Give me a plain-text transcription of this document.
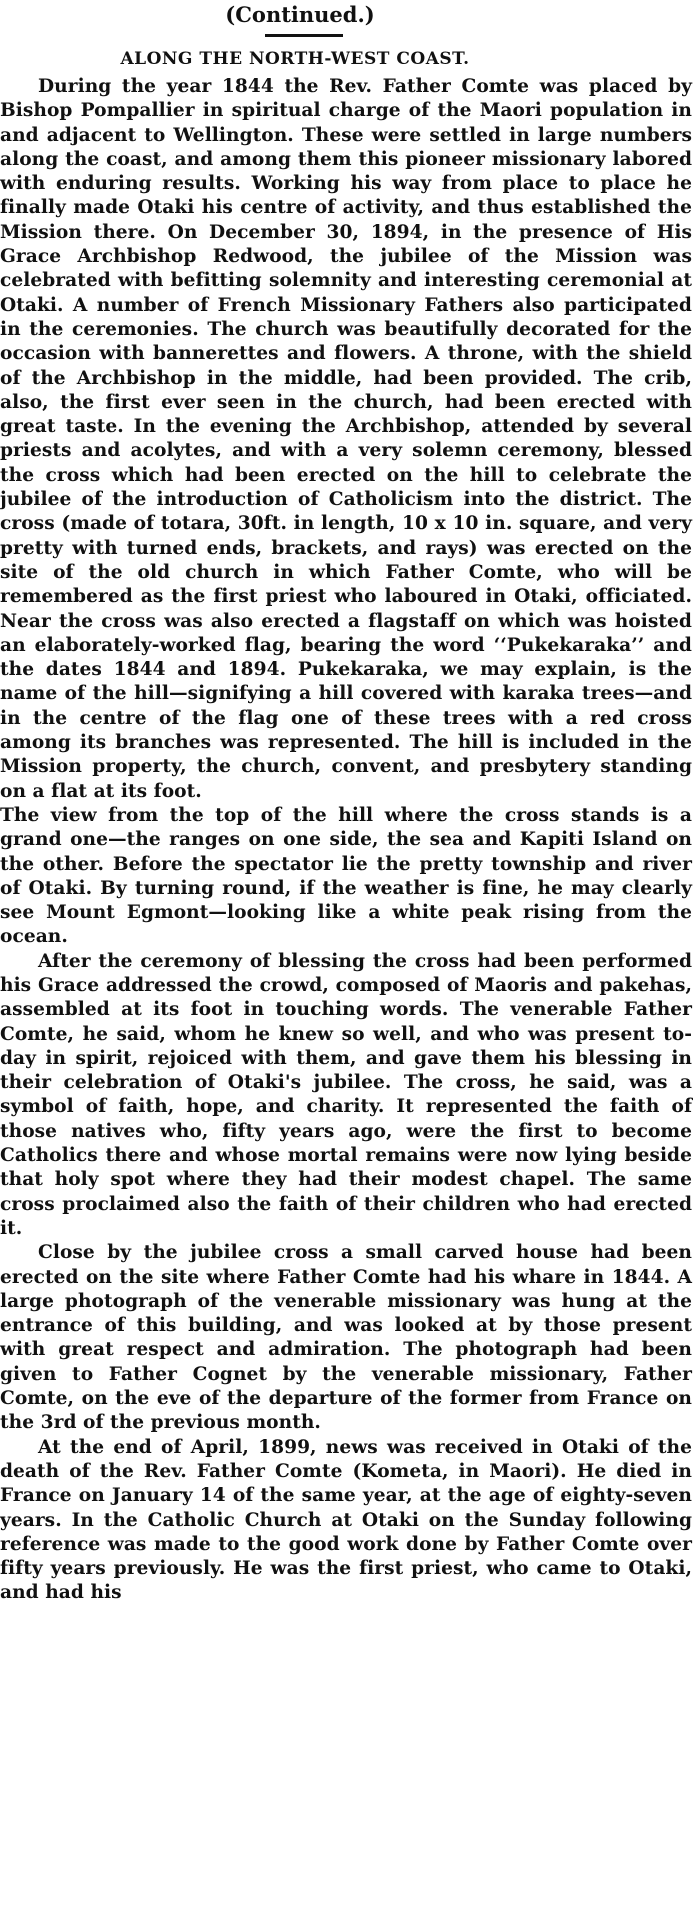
(Continued.)
ALONG THE NORTH-WEST COAST.

During the year 1844 the Rev. Father Comte was placed by Bishop Pompallier in spiritual charge of the Maori population in and adjacent to Wellington. These were settled in large numbers along the coast, and among them this pioneer missionary labored with enduring results. Working his way from place to place he finally made Otaki his centre of activity, and thus established the Mission there. On December 30, 1894, in the presence of His Grace Archbishop Redwood, the jubilee of the Mission was celebrated with befitting solemnity and interesting ceremonial at Otaki. A number of French Missionary Fathers also participated in the ceremonies. The church was beautifully decorated for the occasion with bannerettes and flowers. A throne, with the shield of the Archbishop in the middle, had been provided. The crib, also, the first ever seen in the church, had been erected with great taste. In the evening the Archbishop, attended by several priests and acolytes, and with a very solemn ceremony, blessed the cross which had been erected on the hill to celebrate the jubilee of the introduction of Catholicism into the district. The cross (made of totara, 30ft. in length, 10 x 10 in. square, and very pretty with turned ends, brackets, and rays) was erected on the site of the old church in which Father Comte, who will be remembered as the first priest who laboured in Otaki, officiated. Near the cross was also erected a flagstaff on which was hoisted an elaborately-worked flag, bearing the word ‘‘Pukekaraka’’ and the dates 1844 and 1894. Pukekaraka, we may explain, is the name of the hill—signifying a hill covered with karaka trees—and in the centre of the flag one of these trees with a red cross among its branches was represented. The hill is included in the Mission property, the church, convent, and presbytery standing on a flat at its foot.

The view from the top of the hill where the cross stands is a grand one—the ranges on one side, the sea and Kapiti Island on the other. Before the spectator lie the pretty township and river of Otaki. By turning round, if the weather is fine, he may clearly see Mount Egmont—looking like a white peak rising from the ocean.

After the ceremony of blessing the cross had been performed his Grace addressed the crowd, composed of Maoris and pakehas, assembled at its foot in touching words. The venerable Father Comte, he said, whom he knew so well, and who was present to-day in spirit, rejoiced with them, and gave them his blessing in their celebration of Otaki's jubilee. The cross, he said, was a symbol of faith, hope, and charity. It represented the faith of those natives who, fifty years ago, were the first to become Catholics there and whose mortal remains were now lying beside that holy spot where they had their modest chapel. The same cross proclaimed also the faith of their children who had erected it.

Close by the jubilee cross a small carved house had been erected on the site where Father Comte had his whare in 1844. A large photograph of the venerable missionary was hung at the entrance of this building, and was looked at by those present with great respect and admiration. The photograph had been given to Father Cognet by the venerable missionary, Father Comte, on the eve of the departure of the former from France on the 3rd of the previous month.

At the end of April, 1899, news was received in Otaki of the death of the Rev. Father Comte (Kometa, in Maori). He died in France on January 14 of the same year, at the age of eighty-seven years. In the Catholic Church at Otaki on the Sunday following reference was made to the good work done by Father Comte over fifty years previously. He was the first priest, who came to Otaki, and had his
